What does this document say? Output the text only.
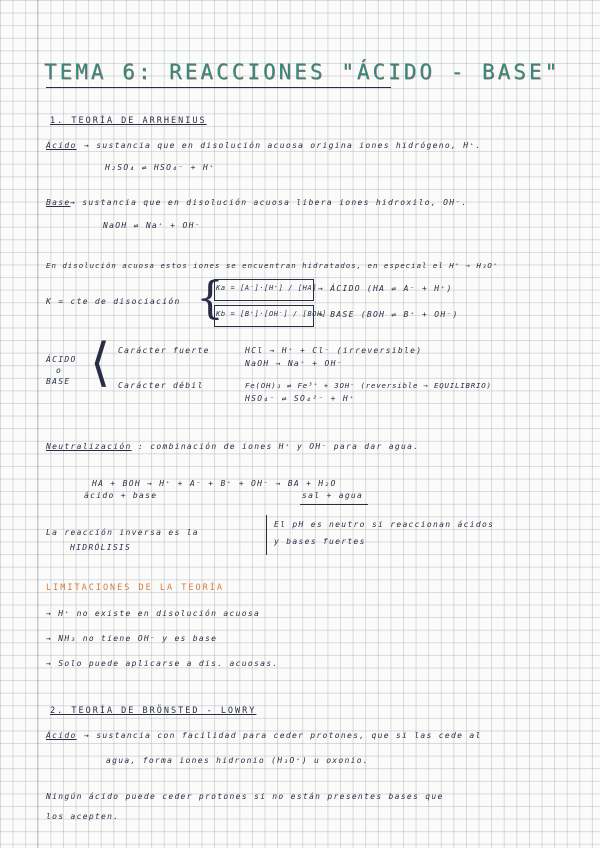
TEMA 6: REACCIONES "ÁCIDO - BASE"
1. TEORÍA DE ARRHENIUS
Ácido → sustancia que en disolución acuosa origina iones hidrógeno, H⁺.
H₂SO₄ ⇌ HSO₄⁻ + H⁺
Base → sustancia que en disolución acuosa libera iones hidroxilo, OH⁻.
NaOH ⇌ Na⁺ + OH⁻
En disolución acuosa estos iones se encuentran hidratados, en especial el H⁺ → H₃O⁺
K = cte de disociación {
Ka = [A⁻]·[H⁺] / [HA] → ÁCIDO (HA ⇌ A⁻ + H⁺)
Kb = [B⁺]·[OH⁻] / [BOH]
→ BASE (BOH ⇌ B⁺ + OH⁻)
ÁCIDO
o
BASE ⟨ Carácter fuerte	HCl → H⁺ + Cl⁻ (irreversible)
NaOH → Na⁺ + OH⁻
Carácter débil	Fe(OH)₃ ⇌ Fe³⁺ + 3OH⁻ (reversible → EQUILIBRIO)
HSO₄⁻ ⇌ SO₄²⁻ + H⁺
Neutralización : combinación de iones H⁺ y OH⁻ para dar agua.
HA + BOH → H⁺ + A⁻ + B⁺ + OH⁻ → BA + H₂O
ácido + base	sal + agua
La reacción inversa es la
HIDRÓLISIS
El pH es neutro si reaccionan ácidos
y bases fuertes
LIMITACIONES DE LA TEORÍA
→ H⁺ no existe en disolución acuosa
→ NH₃ no tiene OH⁻ y es base
→ Solo puede aplicarse a dis. acuosas.
2. TEORÍA DE BRÖNSTED - LOWRY
Ácido → sustancia con facilidad para ceder protones, que si las cede al
agua, forma iones hidronio (H₃O⁺) u oxonio.
Ningún ácido puede ceder protones si no están presentes bases que
los acepten.
